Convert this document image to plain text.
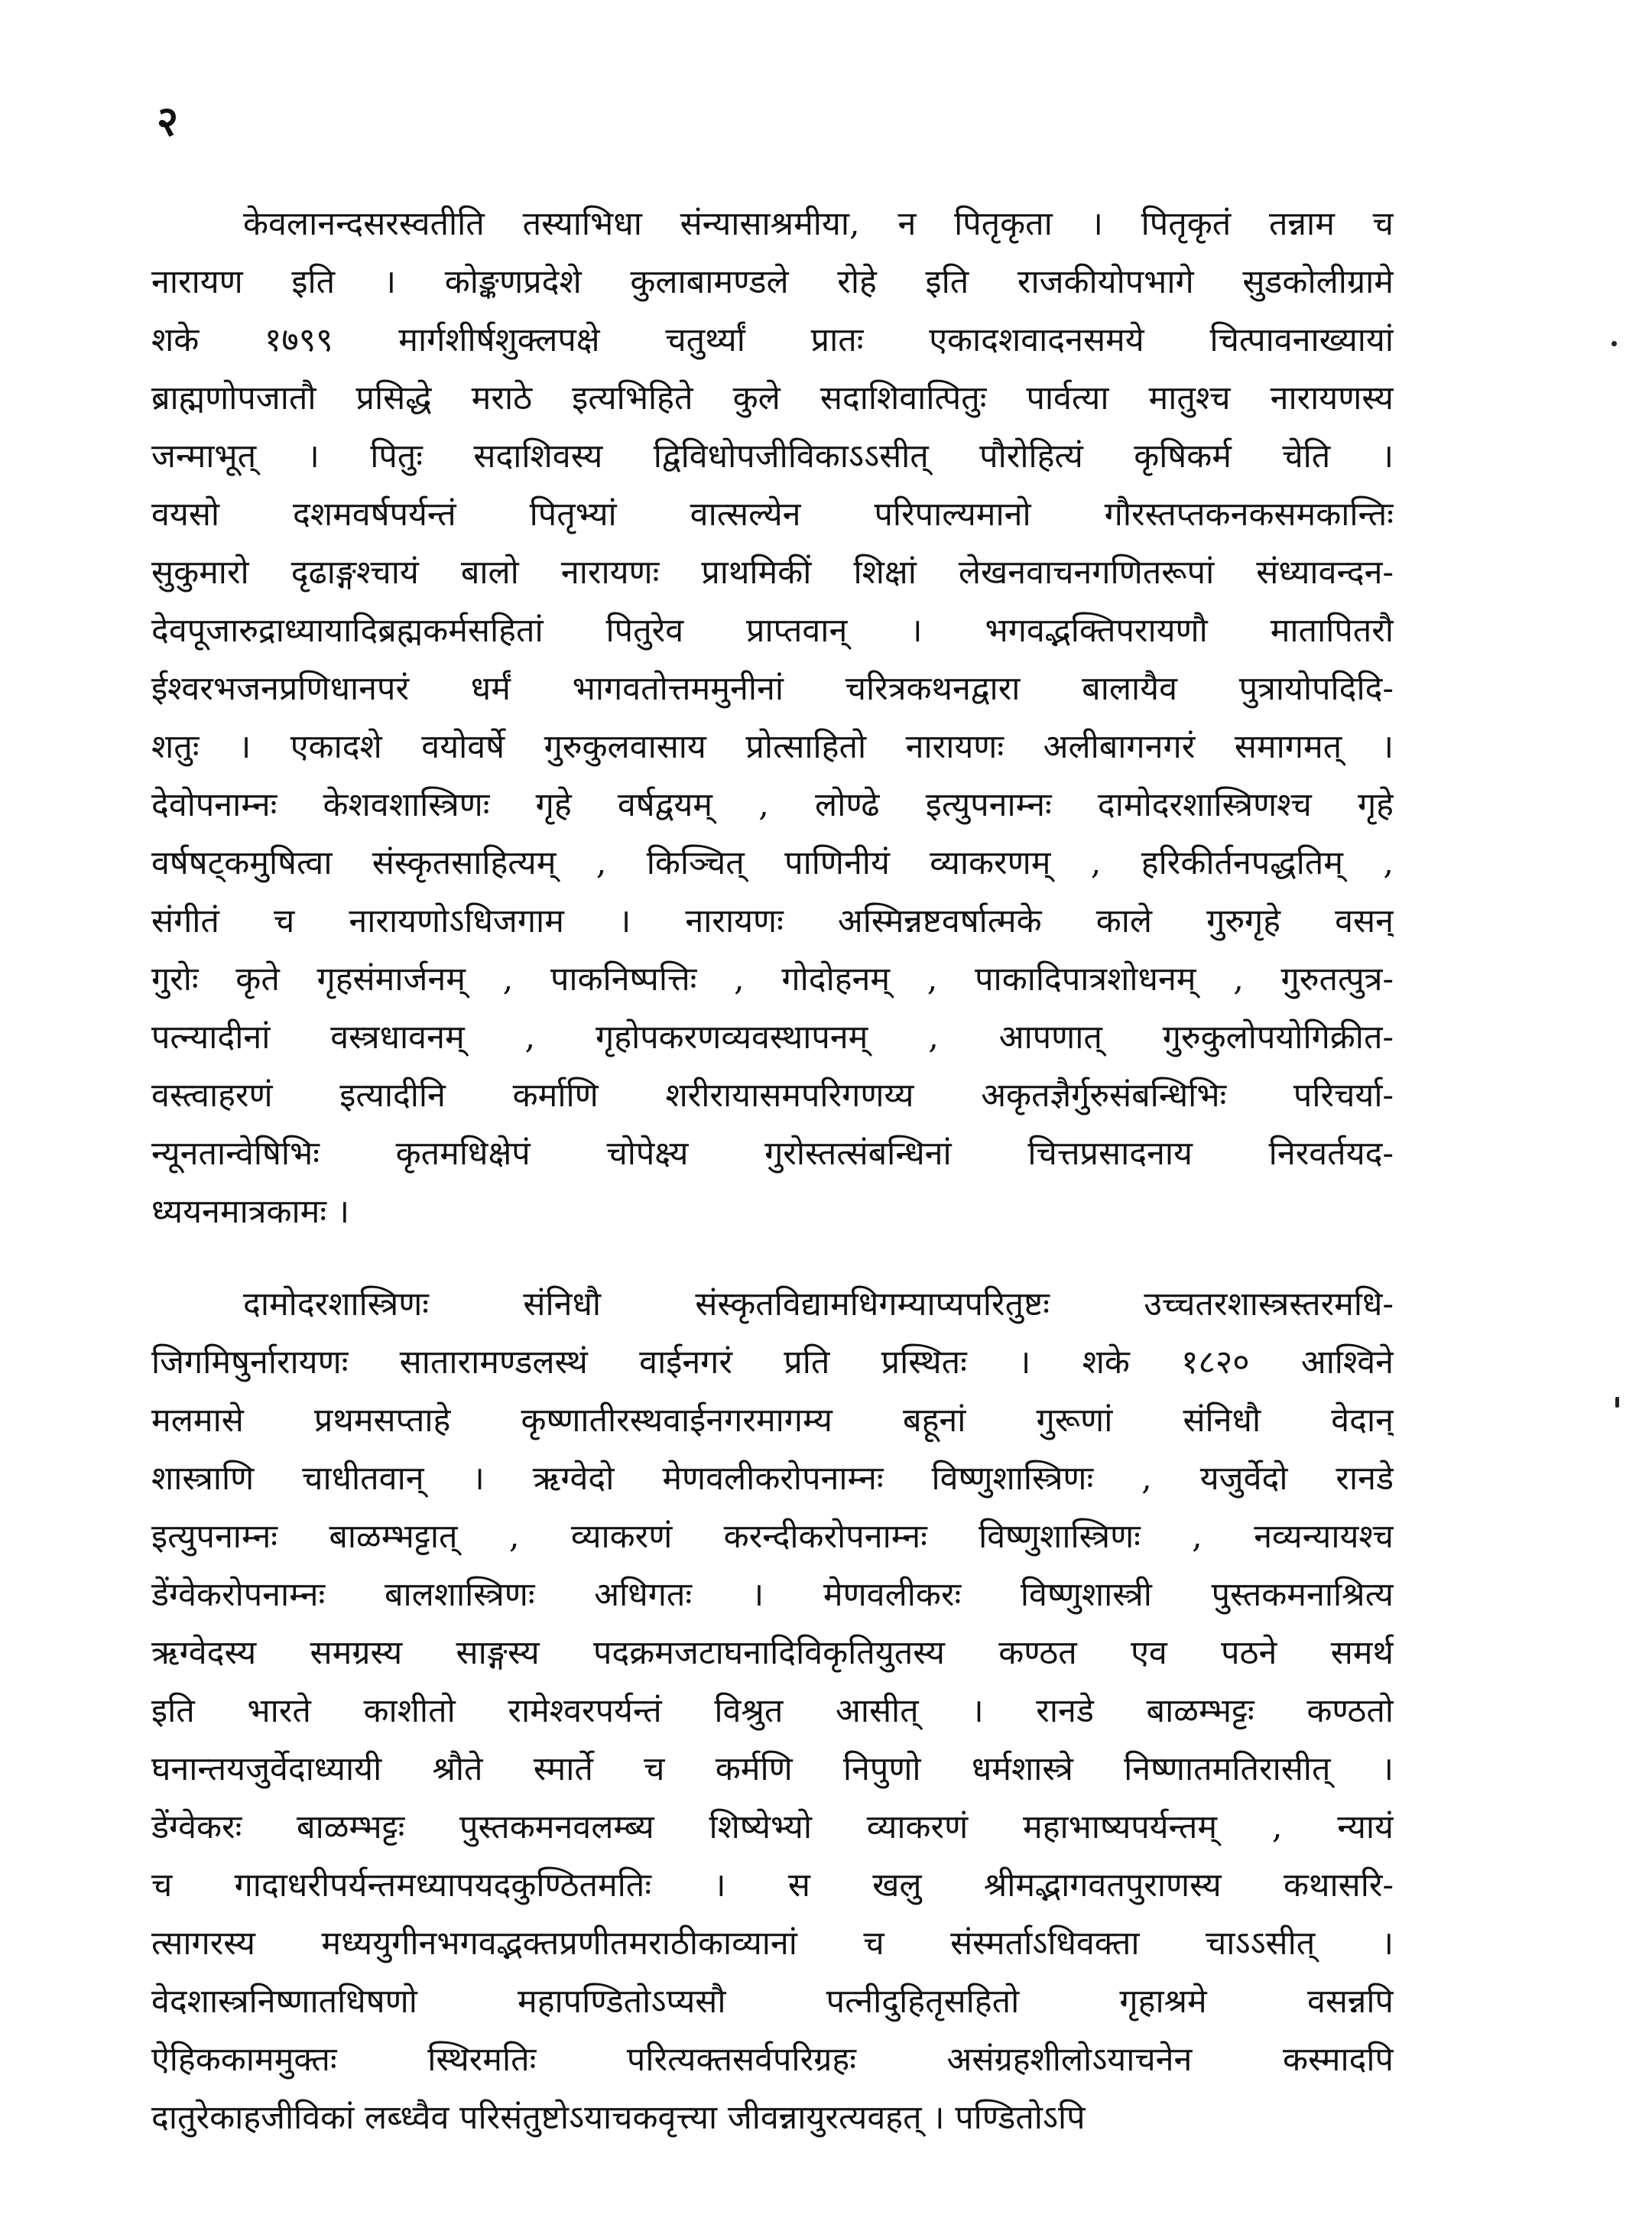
२
केवलानन्दसरस्वतीति तस्याभिधा संन्यासाश्रमीया, न पितृकृता । पितृकृतं तन्नाम च
नारायण इति । कोङ्कणप्रदेशे कुलाबामण्डले रोहे इति राजकीयोपभागे सुडकोलीग्रामे
शके १७९९ मार्गशीर्षशुक्लपक्षे चतुर्थ्यां प्रातः एकादशवादनसमये चित्पावनाख्यायां
ब्राह्मणोपजातौ प्रसिद्धे मराठे इत्यभिहिते कुले सदाशिवात्पितुः पार्वत्या मातुश्च नारायणस्य
जन्माभूत् । पितुः सदाशिवस्य द्विविधोपजीविकाऽऽसीत् पौरोहित्यं कृषिकर्म चेति ।
वयसो दशमवर्षपर्यन्तं पितृभ्यां वात्सल्येन परिपाल्यमानो गौरस्तप्तकनकसमकान्तिः
सुकुमारो दृढाङ्गश्चायं बालो नारायणः प्राथमिकीं शिक्षां लेखनवाचनगणितरूपां संध्यावन्दन-
देवपूजारुद्राध्यायादिब्रह्मकर्मसहितां पितुरेव प्राप्तवान् । भगवद्भक्तिपरायणौ मातापितरौ
ईश्वरभजनप्रणिधानपरं धर्मं भागवतोत्तममुनीनां चरित्रकथनद्वारा बालायैव पुत्रायोपदिदि-
शतुः । एकादशे वयोवर्षे गुरुकुलवासाय प्रोत्साहितो नारायणः अलीबागनगरं समागमत् ।
देवोपनाम्नः केशवशास्त्रिणः गृहे वर्षद्वयम् , लोण्ढे इत्युपनाम्नः दामोदरशास्त्रिणश्च गृहे
वर्षषट्कमुषित्वा संस्कृतसाहित्यम् , किञ्चित् पाणिनीयं व्याकरणम् , हरिकीर्तनपद्धतिम् ,
संगीतं च नारायणोऽधिजगाम । नारायणः अस्मिन्नष्टवर्षात्मके काले गुरुगृहे वसन्
गुरोः कृते गृहसंमार्जनम् , पाकनिष्पत्तिः , गोदोहनम् , पाकादिपात्रशोधनम् , गुरुतत्पुत्र-
पत्न्यादीनां वस्त्रधावनम् , गृहोपकरणव्यवस्थापनम् , आपणात् गुरुकुलोपयोगिक्रीत-
वस्त्वाहरणं इत्यादीनि कर्माणि शरीरायासमपरिगणय्य अकृतज्ञैर्गुरुसंबन्धिभिः परिचर्या-
न्यूनतान्वेषिभिः कृतमधिक्षेपं चोपेक्ष्य गुरोस्तत्संबन्धिनां चित्तप्रसादनाय निरवर्तयद-
ध्ययनमात्रकामः ।
दामोदरशास्त्रिणः संनिधौ संस्कृतविद्यामधिगम्याप्यपरितुष्टः उच्चतरशास्त्रस्तरमधि-
जिगमिषुर्नारायणः सातारामण्डलस्थं वाईनगरं प्रति प्रस्थितः । शके १८२० आश्विने
मलमासे प्रथमसप्ताहे कृष्णातीरस्थवाईनगरमागम्य बहूनां गुरूणां संनिधौ वेदान्
शास्त्राणि चाधीतवान् । ऋग्वेदो मेणवलीकरोपनाम्नः विष्णुशास्त्रिणः , यजुर्वेदो रानडे
इत्युपनाम्नः बाळम्भट्टात् , व्याकरणं करन्दीकरोपनाम्नः विष्णुशास्त्रिणः , नव्यन्यायश्च
डेंग्वेकरोपनाम्नः बालशास्त्रिणः अधिगतः । मेणवलीकरः विष्णुशास्त्री पुस्तकमनाश्रित्य
ऋग्वेदस्य समग्रस्य साङ्गस्य पदक्रमजटाघनादिविकृतियुतस्य कण्ठत एव पठने समर्थ
इति भारते काशीतो रामेश्वरपर्यन्तं विश्रुत आसीत् । रानडे बाळम्भट्टः कण्ठतो
घनान्तयजुर्वेदाध्यायी श्रौते स्मार्ते च कर्मणि निपुणो धर्मशास्त्रे निष्णातमतिरासीत् ।
डेंग्वेकरः बाळम्भट्टः पुस्तकमनवलम्ब्य शिष्येभ्यो व्याकरणं महाभाष्यपर्यन्तम् , न्यायं
च गादाधरीपर्यन्तमध्यापयदकुण्ठितमतिः । स खलु श्रीमद्भागवतपुराणस्य कथासरि-
त्सागरस्य मध्ययुगीनभगवद्भक्तप्रणीतमराठीकाव्यानां च संस्मर्ताऽधिवक्ता चाऽऽसीत् ।
वेदशास्त्रनिष्णातधिषणो महापण्डितोऽप्यसौ पत्नीदुहितृसहितो गृहाश्रमे वसन्नपि
ऐहिककाममुक्तः स्थिरमतिः परित्यक्तसर्वपरिग्रहः असंग्रहशीलोऽयाचनेन कस्मादपि
दातुरेकाहजीविकां लब्ध्वैव परिसंतुष्टोऽयाचकवृत्त्या जीवन्नायुरत्यवहत् । पण्डितोऽपि
